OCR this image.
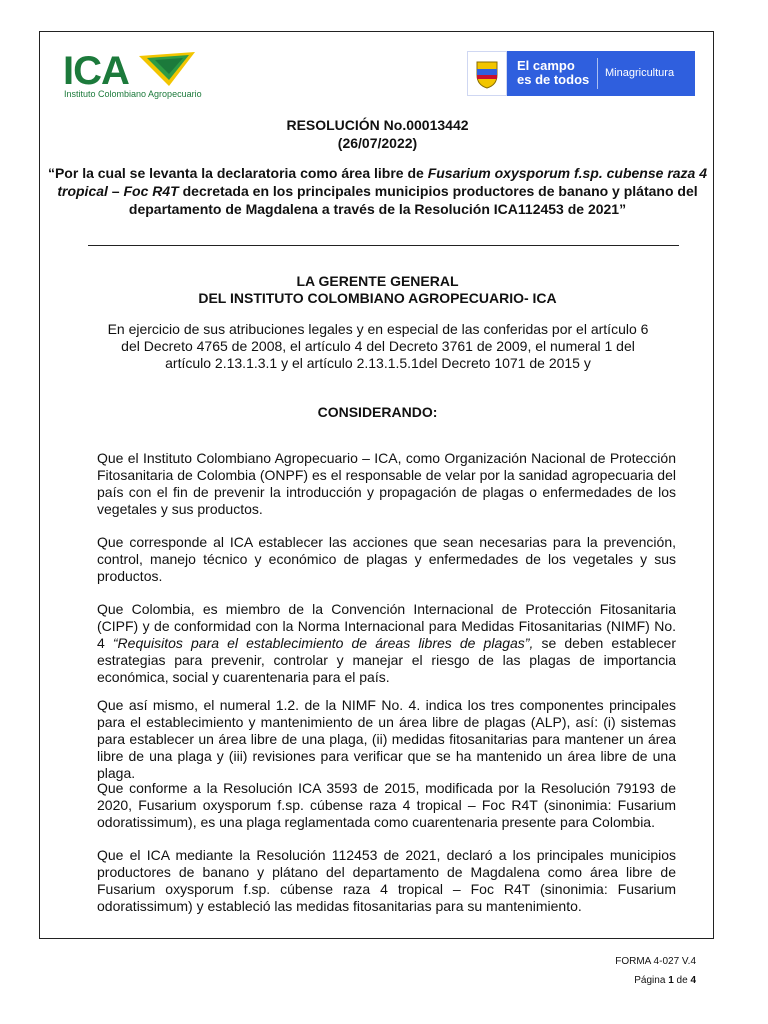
ICA
Instituto Colombiano Agropecuario
El campo
es de todos Minagricultura
RESOLUCIÓN No.00013442
(26/07/2022)
“Por la cual se levanta la declaratoria como área libre de Fusarium oxysporum f.sp. cubense raza 4 tropical – Foc R4T decretada en los principales municipios productores de banano y plátano del departamento de Magdalena a través de la Resolución ICA112453 de 2021”
LA GERENTE GENERAL
DEL INSTITUTO COLOMBIANO AGROPECUARIO- ICA
En ejercicio de sus atribuciones legales y en especial de las conferidas por el artículo 6 del Decreto 4765 de 2008, el artículo 4 del Decreto 3761 de 2009, el numeral 1 del artículo 2.13.1.3.1 y el artículo 2.13.1.5.1del Decreto 1071 de 2015 y
CONSIDERANDO:

Que el Instituto Colombiano Agropecuario – ICA, como Organización Nacional de Protección Fitosanitaria de Colombia (ONPF) es el responsable de velar por la sanidad agropecuaria del país con el fin de prevenir la introducción y propagación de plagas o enfermedades de los vegetales y sus productos.

Que corresponde al ICA establecer las acciones que sean necesarias para la prevención, control, manejo técnico y económico de plagas y enfermedades de los vegetales y sus productos.

Que Colombia, es miembro de la Convención Internacional de Protección Fitosanitaria (CIPF) y de conformidad con la Norma Internacional para Medidas Fitosanitarias (NIMF) No. 4 “Requisitos para el establecimiento de áreas libres de plagas”, se deben establecer estrategias para prevenir, controlar y manejar el riesgo de las plagas de importancia económica, social y cuarentenaria para el país.

Que así mismo, el numeral 1.2. de la NIMF No. 4. indica los tres componentes principales para el establecimiento y mantenimiento de un área libre de plagas (ALP), así: (i) sistemas para establecer un área libre de una plaga, (ii) medidas fitosanitarias para mantener un área libre de una plaga y (iii) revisiones para verificar que se ha mantenido un área libre de una plaga.

Que conforme a la Resolución ICA 3593 de 2015, modificada por la Resolución 79193 de 2020, Fusarium oxysporum f.sp. cúbense raza 4 tropical – Foc R4T (sinonimia: Fusarium odoratissimum), es una plaga reglamentada como cuarentenaria presente para Colombia.

Que el ICA mediante la Resolución 112453 de 2021, declaró a los principales municipios productores de banano y plátano del departamento de Magdalena como área libre de Fusarium oxysporum f.sp. cúbense raza 4 tropical – Foc R4T (sinonimia: Fusarium odoratissimum) y estableció las medidas fitosanitarias para su mantenimiento.

FORMA 4-027 V.4
Página 1 de 4
